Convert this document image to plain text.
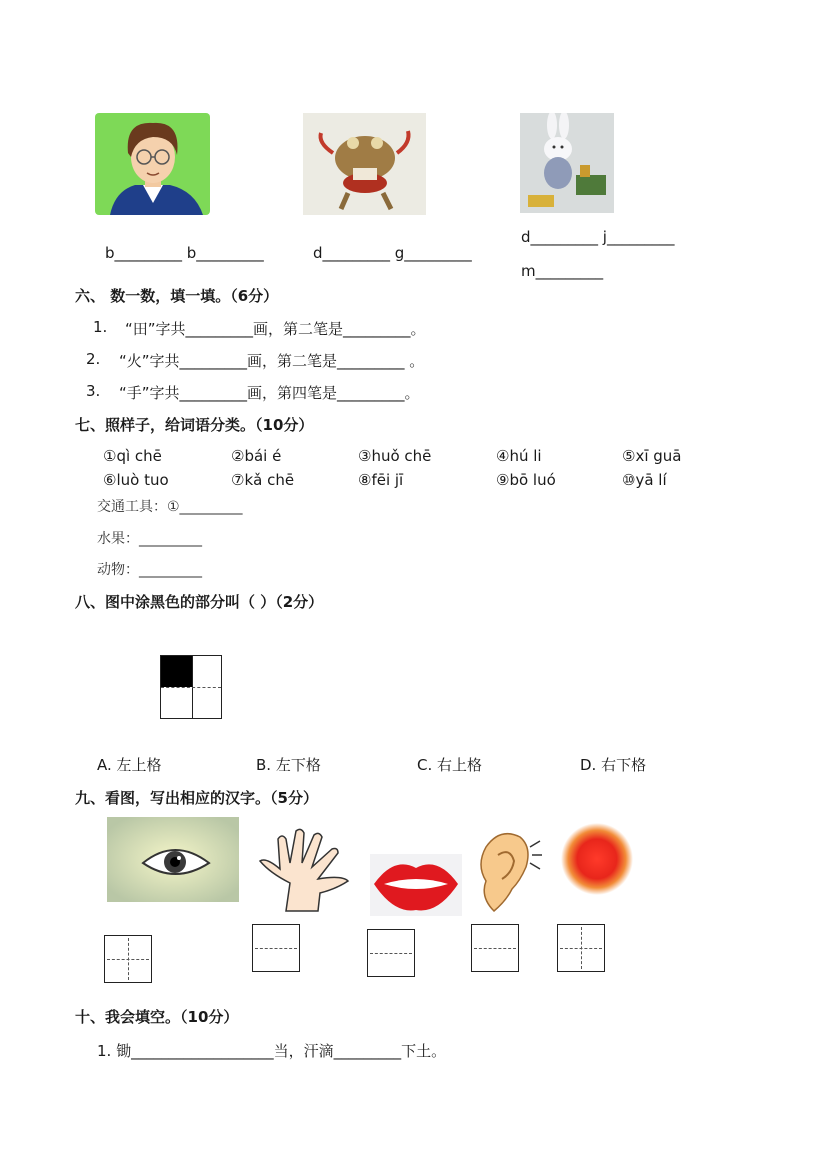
b_________ b_________	d_________ g_________
d_________ j_________
m_________
六、 数一数，填一填。（6分）
1. “田”字共_________画，第二笔是_________。
2. “火”字共_________画，第二笔是_________ 。
3. “手”字共_________画，第四笔是_________。
七、照样子，给词语分类。（10分）
①qì chē	②bái é	③huǒ chē	④hú li	⑤xī guā
⑥luò tuo	⑦kǎ chē	⑧fēi jī	⑨bō luó	⑩yā lí
交通工具：①_________
水果：_________
动物：_________
八、图中涂黑色的部分叫（ ）（2分）
A. 左上格	B. 左下格	C. 右上格	D. 右下格
九、看图，写出相应的汉字。（5分）
十、我会填空。（10分）
1. 锄___________________当，汗滴_________下土。
